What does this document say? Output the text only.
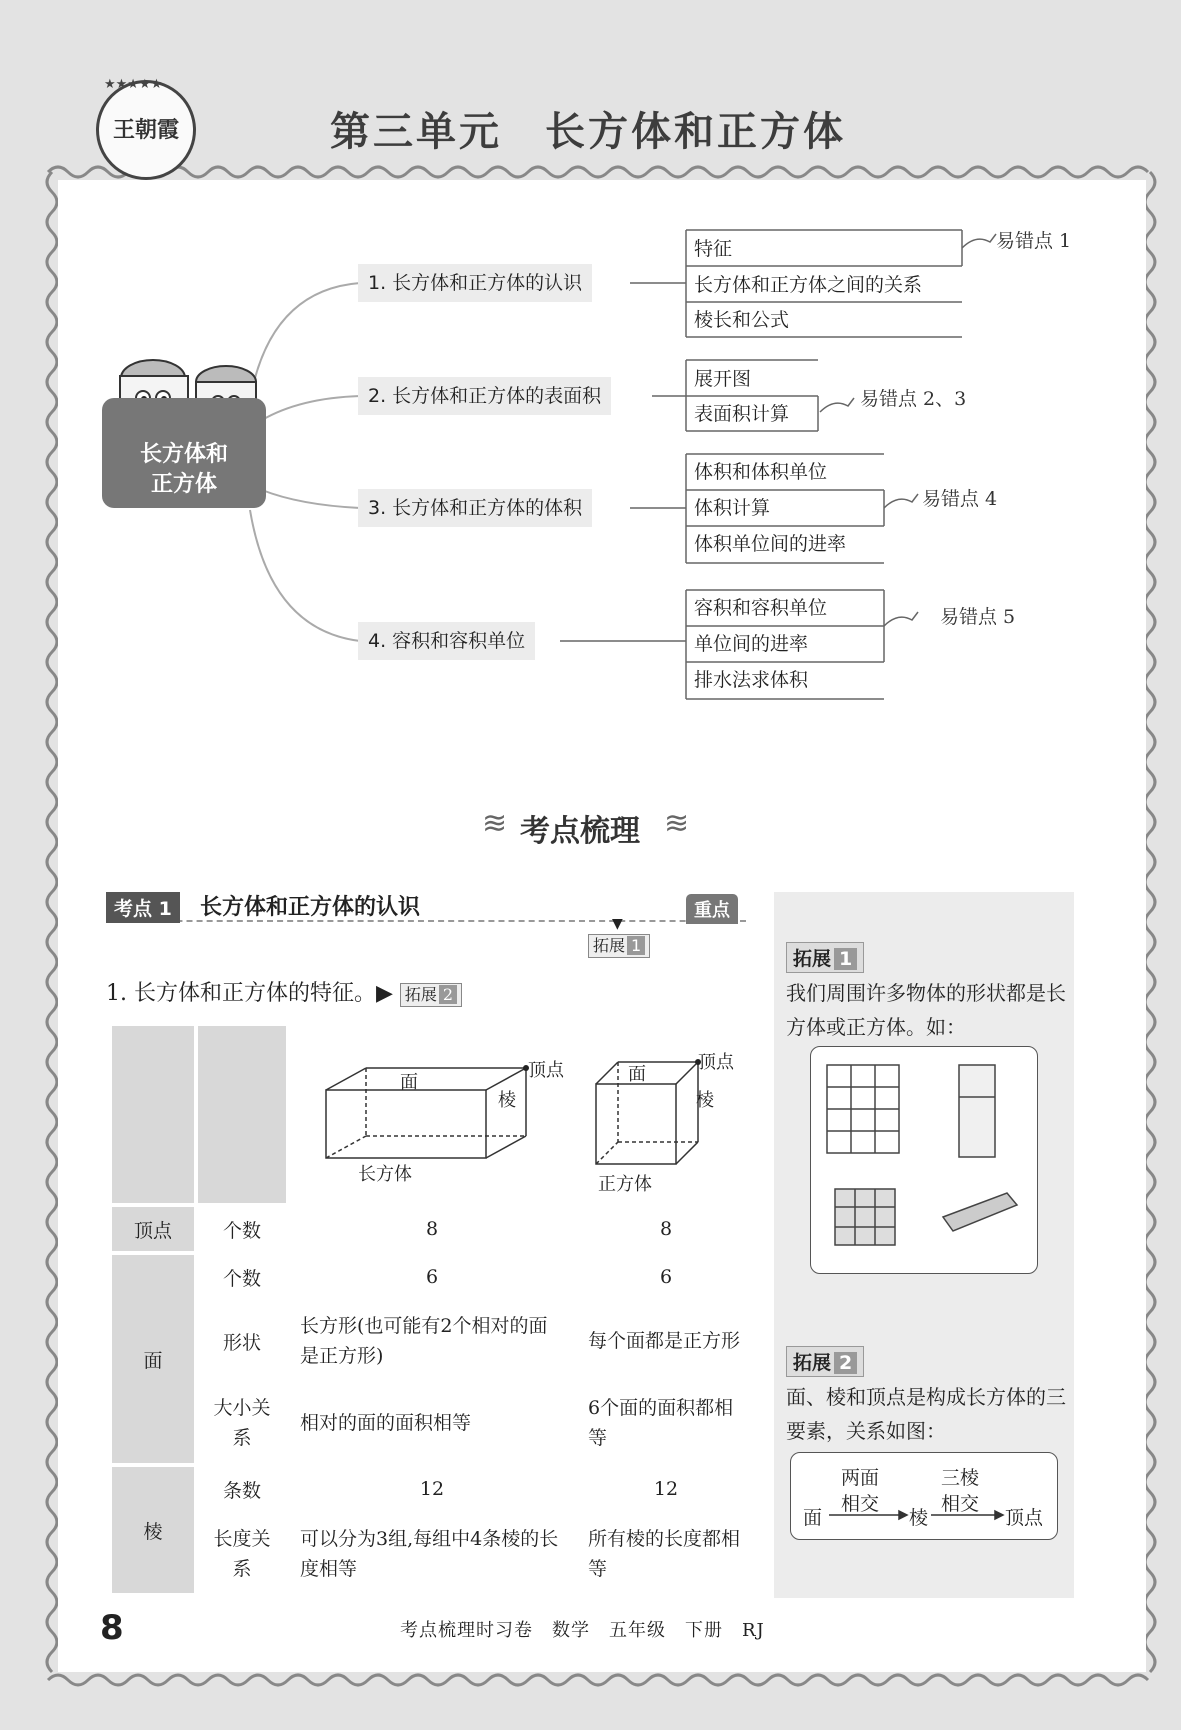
王朝霞
★★★★★
第三单元　长方体和正方体
长方体和
正方体
1. 长方体和正方体的认识
2. 长方体和正方体的表面积
3. 长方体和正方体的体积
4. 容积和容积单位
特征
长方体和正方体之间的关系
棱长和公式
易错点 1
展开图
表面积计算
易错点 2、3
体积和体积单位
体积计算
体积单位间的进率
易错点 4
容积和容积单位
单位间的进率
排水法求体积
易错点 5
≋ 考点梳理 ≋
考点 1	长方体和正方体的认识	重点
▼
拓展 1
1. 长方体和正方体的特征。▶ 拓展 2

		面
顶点
棱
长方体	面
顶点
棱
正方体

顶点	个数	8	8
面	个数	6	6
	形状	长方形(也可能有2个相对的面是正方形)	每个面都是正方形
	大小关系	相对的面的面积相等	6个面的面积都相等
棱	条数	12	12
	长度关系	可以分为3组,每组中4条棱的长度相等	所有棱的长度都相等
拓展 1
我们周围许多物体的形状都是长方体或正方体。如：
拓展 2
面、棱和顶点是构成长方体的三要素，关系如图：
面
两面
相交
棱
三棱
相交
顶点
8	考点梳理时习卷　数学　五年级　下册　RJ
